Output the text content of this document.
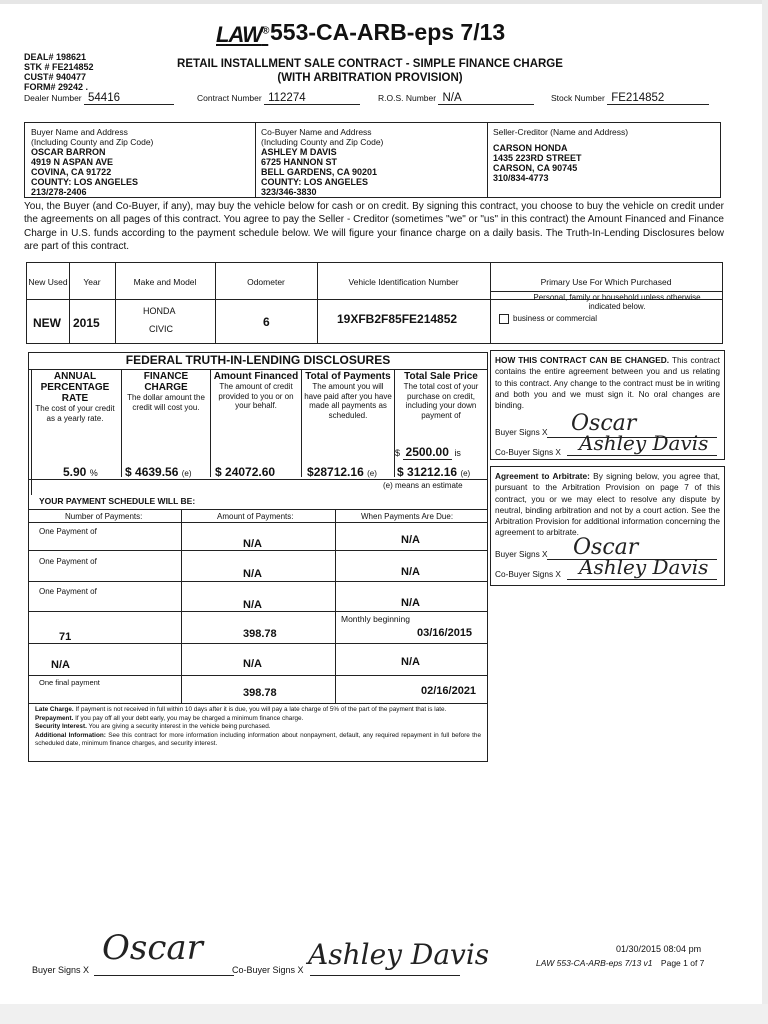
LAW® 553-CA-ARB-eps 7/13
DEAL# 198621
STK # FE214852
CUST# 940477
FORM# 29242 .
RETAIL INSTALLMENT SALE CONTRACT - SIMPLE FINANCE CHARGE
(WITH ARBITRATION PROVISION)
Dealer Number 54416	Contract Number 112274	R.O.S. Number N/A	Stock Number FE214852
Buyer Name and Address
(Including County and Zip Code)
OSCAR BARRON
4919 N ASPAN AVE
COVINA, CA 91722
COUNTY: LOS ANGELES
213/278-2406
Co-Buyer Name and Address
(Including County and Zip Code)
ASHLEY M DAVIS
6725 HANNON ST
BELL GARDENS, CA 90201
COUNTY: LOS ANGELES
323/346-3830
Seller-Creditor (Name and Address)
CARSON HONDA
1435 223RD STREET
CARSON, CA 90745
310/834-4773
You, the Buyer (and Co-Buyer, if any), may buy the vehicle below for cash or on credit. By signing this contract, you choose to buy the vehicle on credit under the agreements on all pages of this contract. You agree to pay the Seller - Creditor (sometimes "we" or "us" in this contract) the Amount Financed and Finance Charge in U.S. funds according to the payment schedule below. We will figure your finance charge on a daily basis. The Truth-In-Lending Disclosures below are part of this contract.
New Used	Year	Make and Model	Odometer	Vehicle Identification Number	Primary Use For Which Purchased
NEW 2015
HONDA
CIVIC	6	19XFB2F85FE214852
Personal, family or household unless otherwise indicated below.
business or commercial
FEDERAL TRUTH-IN-LENDING DISCLOSURES
ANNUAL PERCENTAGE RATE
The cost of your credit as a yearly rate.
FINANCE CHARGE
The dollar amount the credit will cost you.
Amount Financed
The amount of credit provided to you or on your behalf.
Total of Payments
The amount you will have paid after you have made all payments as scheduled.
Total Sale Price
The total cost of your purchase on credit, including your down payment of
$ 2500.00 is
5.90 % $ 4639.56 (e) $ 24072.60	$28712.16 (e) $ 31212.16 (e)
(e) means an estimate
YOUR PAYMENT SCHEDULE WILL BE:
Number of Payments:	Amount of Payments:	When Payments Are Due:
One Payment of
N/A	N/A
One Payment of
N/A	N/A
One Payment of
N/A	N/A
Monthly beginning
71	398.78	03/16/2015
N/A	N/A	N/A
One final payment
398.78	02/16/2021
Late Charge. If payment is not received in full within 10 days after it is due, you will pay a late charge of 5% of the part of the payment that is late.
Prepayment. If you pay off all your debt early, you may be charged a minimum finance charge.
Security Interest. You are giving a security interest in the vehicle being purchased.
Additional Information: See this contract for more information including information about nonpayment, default, any required repayment in full before the scheduled date, minimum finance charges, and security interest.
HOW THIS CONTRACT CAN BE CHANGED. This contract contains the entire agreement between you and us relating to this contract. Any change to the contract must be in writing and both you and we must sign it. No oral changes are binding.
Buyer Signs X
Co-Buyer Signs X
Oscar
Ashley Davis
Agreement to Arbitrate: By signing below, you agree that, pursuant to the Arbitration Provision on page 7 of this contract, you or we may elect to resolve any dispute by neutral, binding arbitration and not by a court action. See the Arbitration Provision for additional information concerning the agreement to arbitrate.
Buyer Signs X
Co-Buyer Signs X
Oscar
Ashley Davis
Buyer Signs X
Oscar
Co-Buyer Signs X Ashley Davis	01/30/2015 08:04 pm
LAW 553-CA-ARB-eps 7/13 v1 Page 1 of 7
